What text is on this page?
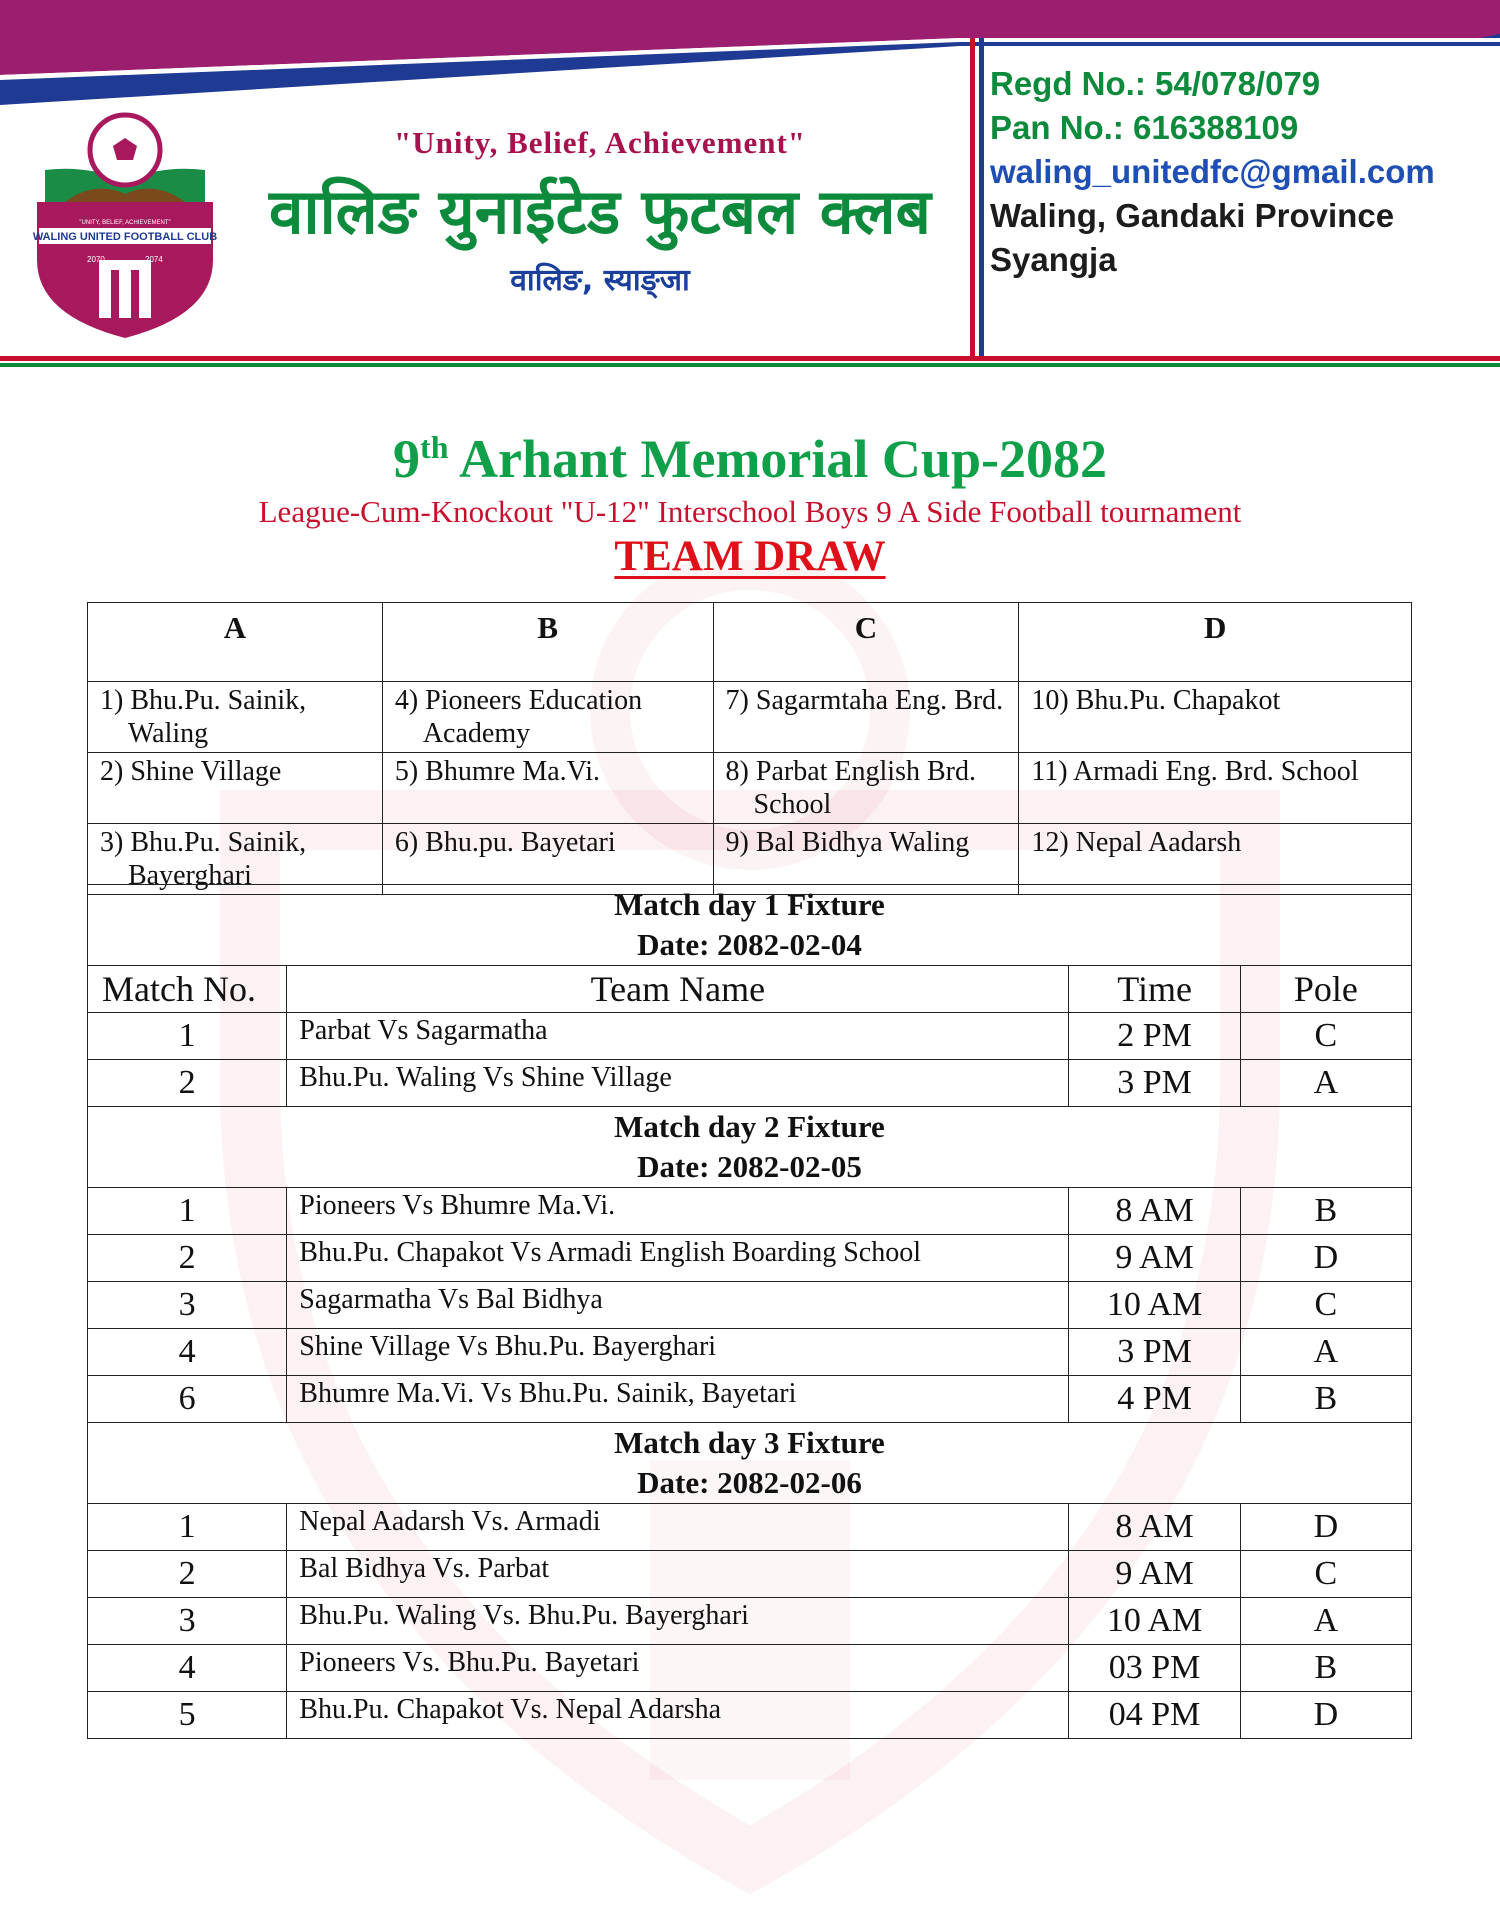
WALING UNITED FOOTBALL CLUB
"UNITY, BELIEF, ACHIEVEMENT"
2070	2074
"Unity, Belief, Achievement"
वालिङ युनाईटेड फुटबल क्लब
वालिङ, स्याङ्जा
Regd No.: 54/078/079
Pan No.: 616388109
waling_unitedfc@gmail.com
Waling, Gandaki Province
Syangja
9th Arhant Memorial Cup-2082
League-Cum-Knockout "U-12" Interschool Boys 9 A Side Football tournament
TEAM DRAW
A	B	C	D

1) Bhu.Pu. Sainik, Waling	4) Pioneers Education Academy	7) Sagarmtaha Eng. Brd.	10) Bhu.Pu. Chapakot

2) Shine Village	5) Bhumre Ma.Vi.	8) Parbat English Brd. School	11) Armadi Eng. Brd. School

3) Bhu.Pu. Sainik, Bayerghari	6) Bhu.pu. Bayetari	9) Bal Bidhya Waling	12) Nepal Aadarsh
Match day 1 Fixture
Date: 2082-02-04			

Match No.	Team Name	Time	Pole
1	Parbat Vs Sagarmatha	2 PM	C
2	Bhu.Pu. Waling Vs Shine Village	3 PM	A

Match day 2 Fixture
Date: 2082-02-05			

1	Pioneers Vs Bhumre Ma.Vi.	8 AM	B
2	Bhu.Pu. Chapakot Vs Armadi English Boarding School	9 AM	D
3	Sagarmatha Vs Bal Bidhya	10 AM	C
4	Shine Village Vs Bhu.Pu. Bayerghari	3 PM	A
6	Bhumre Ma.Vi. Vs Bhu.Pu. Sainik, Bayetari	4 PM	B

Match day 3 Fixture
Date: 2082-02-06			

1	Nepal Aadarsh Vs. Armadi	8 AM	D
2	Bal Bidhya Vs. Parbat	9 AM	C
3	Bhu.Pu. Waling Vs. Bhu.Pu. Bayerghari	10 AM	A
4	Pioneers Vs. Bhu.Pu. Bayetari	03 PM	B
5	Bhu.Pu. Chapakot Vs. Nepal Adarsha	04 PM	D
